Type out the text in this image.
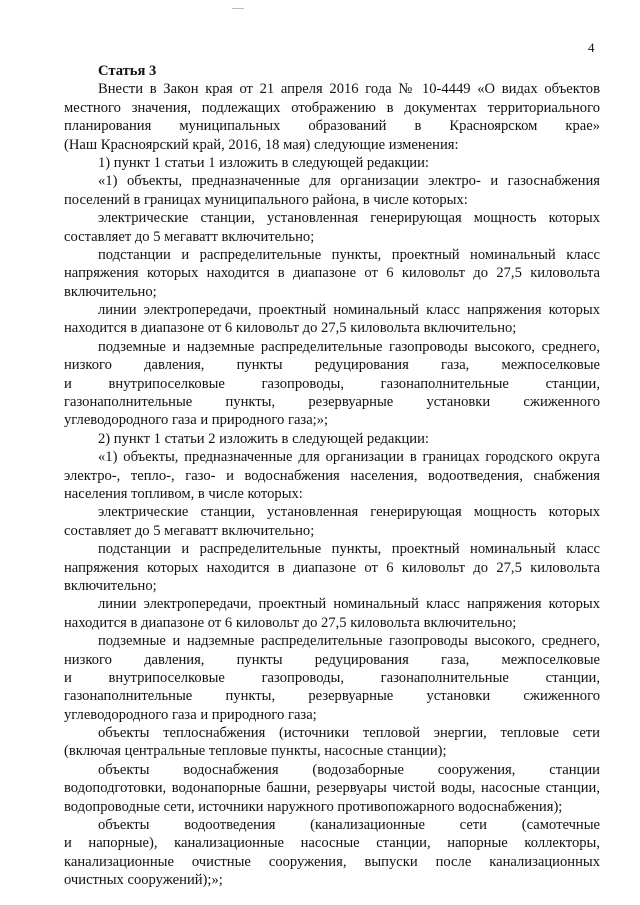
4
Статья 3
Внести в Закон края от 21 апреля 2016 года № 10-4449 «О видах объектов
местного значения, подлежащих отображению в документах территориального
планирования муниципальных образований в Красноярском крае»
(Наш Красноярский край, 2016, 18 мая) следующие изменения:
1) пункт 1 статьи 1 изложить в следующей редакции:
«1) объекты, предназначенные для организации электро- и газоснабжения
поселений в границах муниципального района, в числе которых:
электрические станции, установленная генерирующая мощность которых
составляет до 5 мегаватт включительно;
подстанции и распределительные пункты, проектный номинальный класс
напряжения которых находится в диапазоне от 6 киловольт до 27,5 киловольта
включительно;
линии электропередачи, проектный номинальный класс напряжения которых
находится в диапазоне от 6 киловольт до 27,5 киловольта включительно;
подземные и надземные распределительные газопроводы высокого, среднего,
низкого давления, пункты редуцирования газа, межпоселковые
и внутрипоселковые газопроводы, газонаполнительные станции,
газонаполнительные пункты, резервуарные установки сжиженного
углеводородного газа и природного газа;»;
2) пункт 1 статьи 2 изложить в следующей редакции:
«1) объекты, предназначенные для организации в границах городского округа
электро-, тепло-, газо- и водоснабжения населения, водоотведения, снабжения
населения топливом, в числе которых:
электрические станции, установленная генерирующая мощность которых
составляет до 5 мегаватт включительно;
подстанции и распределительные пункты, проектный номинальный класс
напряжения которых находится в диапазоне от 6 киловольт до 27,5 киловольта
включительно;
линии электропередачи, проектный номинальный класс напряжения которых
находится в диапазоне от 6 киловольт до 27,5 киловольта включительно;
подземные и надземные распределительные газопроводы высокого, среднего,
низкого давления, пункты редуцирования газа, межпоселковые
и внутрипоселковые газопроводы, газонаполнительные станции,
газонаполнительные пункты, резервуарные установки сжиженного
углеводородного газа и природного газа;
объекты теплоснабжения (источники тепловой энергии, тепловые сети
(включая центральные тепловые пункты, насосные станции);
объекты водоснабжения (водозаборные сооружения, станции
водоподготовки, водонапорные башни, резервуары чистой воды, насосные станции,
водопроводные сети, источники наружного противопожарного водоснабжения);
объекты водоотведения (канализационные сети (самотечные
и напорные), канализационные насосные станции, напорные коллекторы,
канализационные очистные сооружения, выпуски после канализационных
очистных сооружений);»;
